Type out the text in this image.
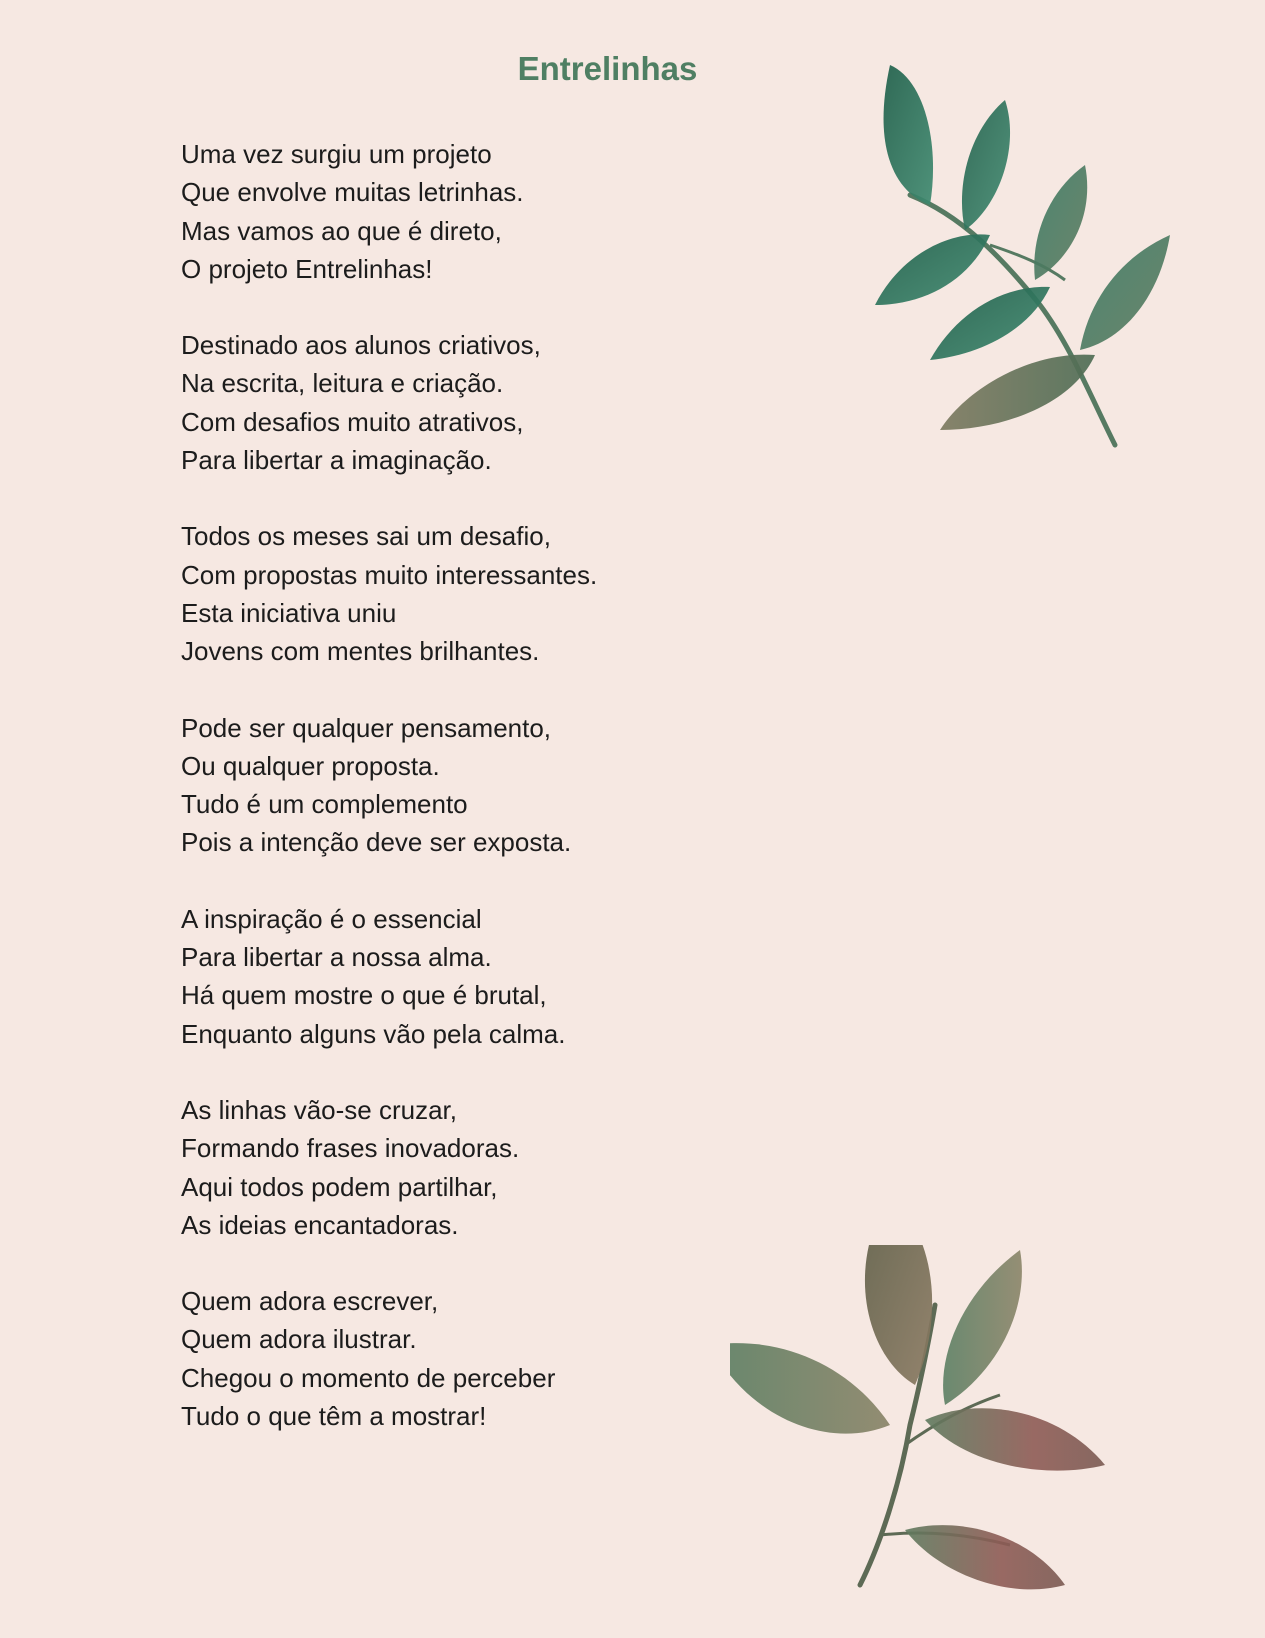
Entrelinhas

Uma vez surgiu um projeto
Que envolve muitas letrinhas.
Mas vamos ao que é direto,
O projeto Entrelinhas!

Destinado aos alunos criativos,
Na escrita, leitura e criação.
Com desafios muito atrativos,
Para libertar a imaginação.

Todos os meses sai um desafio,
Com propostas muito interessantes.
Esta iniciativa uniu
Jovens com mentes brilhantes.

Pode ser qualquer pensamento,
Ou qualquer proposta.
Tudo é um complemento
Pois a intenção deve ser exposta.

A inspiração é o essencial
Para libertar a nossa alma.
Há quem mostre o que é brutal,
Enquanto alguns vão pela calma.

As linhas vão-se cruzar,
Formando frases inovadoras.
Aqui todos podem partilhar,
As ideias encantadoras.

Quem adora escrever,
Quem adora ilustrar.
Chegou o momento de perceber
Tudo o que têm a mostrar!
